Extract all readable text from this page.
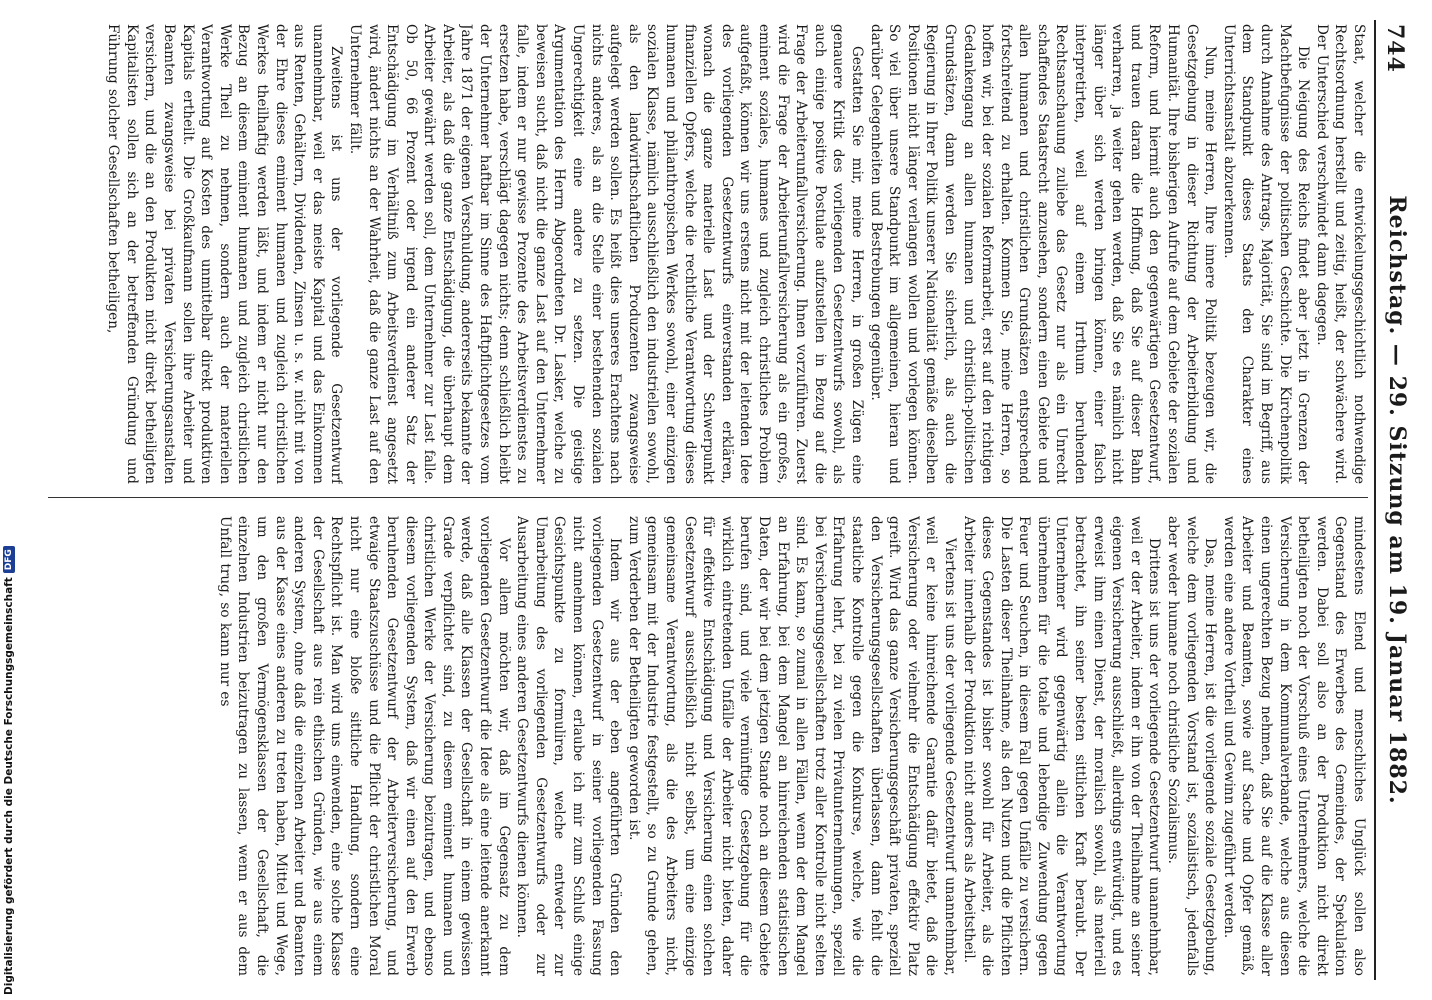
744
Reichstag. — 29. Sitzung am 19. Januar 1882.

Staat, welcher die entwickelungsgeschichtlich nothwendige Rechtsordnung herstellt und zeitig, heißt, der schwächere wird. Der Unterschied verschwindet dann dagegen.

Die Neigung des Reichs findet aber jetzt in Grenzen der Machtbefugnisse der politischen Geschichte. Die Kirchenpolitik durch Annahme des Antrags, Majorität, Sie sind im Begriff, aus dem Standpunkt dieses Staats den Charakter eines Unterrichtsanstalt abzuerkennen.

Nun, meine Herren, Ihre innere Politik bezeugen wir, die Gesetzgebung in dieser Richtung der Arbeiterbildung und Humanität. Ihre bisherigen Aufrufe auf dem Gebiete der sozialen Reform, und hiermit auch den gegenwärtigen Gesetzentwurf, und trauen daran die Hoffnung, daß Sie auf dieser Bahn verharren, ja weiter gehen werden, daß Sie es nämlich nicht länger über sich werden bringen können, einer falsch interpretirten, weil auf einem Irrthum beruhenden Rechtsanschauung zuliebe das Gesetz nur als ein Unrecht schaffendes Staatsrecht anzusehen, sondern einen Gebiete und allen humanen und christlichen Grundsätzen entsprechend fortschreitend zu erhalten. Kommen Sie, meine Herren, so hoffen wir, bei der sozialen Reformarbeit, erst auf den richtigen Gedankengang an allen humanen und christlich-politischen Grundsätzen, dann werden Sie sicherlich, als auch die Regierung in Ihrer Politik unserer Nationalität gemäße dieselben Positionen nicht länger verlangen wollen und vorlegen können. So viel über unsere Standpunkt im allgemeinen, hieran und darüber Gelegenheiten und Bestrebungen gegenüber.

Gestatten Sie mir, meine Herren, in großen Zügen eine genauere Kritik des vorliegenden Gesetzentwurfs sowohl, als auch einige positive Postulate aufzustellen in Bezug auf die Frage der Arbeiterunfallversicherung. Ihnen vorzuführen. Zuerst wird die Frage der Arbeiterunfallversicherung als ein großes, eminent soziales, humanes und zugleich christliches Problem aufgefaßt, können wir uns erstens nicht mit der leitenden Idee des vorliegenden Gesetzentwurfs einverstanden erklären, wonach die ganze materielle Last und der Schwerpunkt finanziellen Opfers, welche die rechtliche Verantwortung dieses humanen und philanthropischen Werkes sowohl, einer einzigen sozialen Klasse, nämlich ausschließlich den industriellen sowohl, als den landwirthschaftlichen Produzenten zwangsweise aufgelegt werden sollen. Es heißt dies unseres Erachtens nach nichts anderes, als an die Stelle einer bestehenden sozialen Ungerechtigkeit eine andere zu setzen. Die geistige Argumentation des Herrn Abgeordneten Dr. Lasker, welche zu beweisen sucht, daß nicht die ganze Last auf den Unternehmer falle, indem er nur gewisse Prozente des Arbeitsverdienstes zu ersetzen habe, verschlägt dagegen nichts; denn schließlich bleibt der Unternehmer haftbar im Sinne des Haftpflichtgesetzes vom Jahre 1871 der eigenen Verschuldung, andererseits bekannte der Arbeiter, als daß die ganze Entschädigung, die überhaupt dem Arbeiter gewährt werden soll, dem Unternehmer zur Last falle. Ob 50, 66 Prozent oder irgend ein anderer Satz der Entschädigung im Verhältniß zum Arbeitsverdienst angesetzt wird, ändert nichts an der Wahrheit, daß die ganze Last auf den Unternehmer fällt.

Zweitens ist uns der vorliegende Gesetzentwurf unannehmbar, weil er das meiste Kapital und das Einkommen aus Renten, Gehältern, Dividenden, Zinsen u. s. w. nicht mit von der Ehre dieses eminent humanen und zugleich christlichen Werkes theilhaftig werden läßt, und indem er nicht nur den Bezug an diesem eminent humanen und zugleich christlichen Werke Theil zu nehmen, sondern auch der materiellen Verantwortung auf Kosten des unmittelbar direkt produktiven Kapitals ertheilt. Die Großkaufmann sollen ihre Arbeiter und Beamten zwangsweise bei privaten Versicherungsanstalten versichern, und die an den Produkten nicht direkt betheiligten Kapitalisten sollen sich an der betreffenden Gründung und Führung solcher Gesellschaften betheiligen,

mindestens Elend und menschliches Unglück sollen also Gegenstand des Erwerbes des Gemeindes, der Spekulation werden. Dabei soll also an der Produktion nicht direkt betheiligten noch der Vorschuß eines Unternehmers, welche die Versicherung in dem Kommunalverbande, welche aus diesen einen ungerechten Bezug nehmen, daß Sie auf die Klasse aller Arbeiter und Beamten, sowie auf Sache und Opfer gemäß, werden eine andere Vortheil und Gewinn zugeführt werden.

Das, meine Herren, ist die vorliegende soziale Gesetzgebung, welche dem vorliegenden Vorstand ist, sozialistisch, jedenfalls aber weder humane noch christliche Sozialismus.

Drittens ist uns der vorliegende Gesetzentwurf unannehmbar, weil er der Arbeiter, indem er ihn von der Theilnahme an seiner eigenen Versicherung ausschließt, allerdings entwürdigt, und es erweist ihm einen Dienst, der moralisch sowohl, als materiell betrachtet, ihn seiner besten sittlichen Kraft beraubt. Der Unternehmer wird gegenwärtig allein die Verantwortung übernehmen für die totale und lebendige Zuwendung gegen Feuer und Seuchen, in diesem Fall gegen Unfälle zu versichern. Die Lasten dieser Theilnahme, als den Nutzen und die Pflichten dieses Gegenstandes ist bisher sowohl für Arbeiter, als die Arbeiter innerhalb der Produktion nicht anders als Arbeitstheil.

Viertens ist uns der vorliegende Gesetzentwurf unannehmbar, weil er keine hinreichende Garantie dafür bietet, daß die Versicherung oder vielmehr die Entschädigung effektiv Platz greift. Wird das ganze Versicherungsgeschäft privaten, speziell den Versicherungsgesellschaften überlassen, dann fehlt die staatliche Kontrolle gegen die Konkurse, welche, wie die Erfahrung lehrt, bei zu vielen Privatunternehmungen, speziell bei Versicherungsgesellschaften trotz aller Kontrolle nicht selten sind. Es kann, so zumal in allen Fällen, wenn der dem Mangel an Erfahrung, bei dem Mangel an hinreichenden statistischen Daten, der wir bei dem jetzigen Stande noch an diesem Gebiete berufen sind, und viele vernünftige Gesetzgebung für die wirklich eintretenden Unfälle der Arbeiter nicht bieten, daher für effektive Entschädigung und Versicherung einen solchen Gesetzentwurf ausschließlich nicht selbst, um eine einzige gemeinsame Verantwortung, als die des Arbeiters nicht, gemeinsam mit der Industrie festgestellt, so zu Grunde gehen, zum Verderben der Betheiligten geworden ist.

Indem wir aus der eben angeführten Gründen den vorliegenden Gesetzentwurf in seiner vorliegenden Fassung nicht annehmen können, erlaube ich mir zum Schluß einige Gesichtspunkte zu formuliren, welche entweder zur Umarbeitung des vorliegenden Gesetzentwurfs oder zur Ausarbeitung eines anderen Gesetzentwurfs dienen können.

Vor allem möchten wir, daß im Gegensatz zu dem vorliegenden Gesetzentwurf die Idee als eine leitende anerkannt werde, daß alle Klassen der Gesellschaft in einem gewissen Grade verpflichtet sind, zu diesem eminent humanen und christlichen Werke der Versicherung beizutragen, und ebenso diesem vorliegenden System, daß wir einen auf den Erwerb beruhenden Gesetzentwurf der Arbeiterversicherung, und etwaige Staatszuschüsse und die Pflicht der christlichen Moral nicht nur eine bloße sittliche Handlung, sondern eine Rechtspflicht ist. Man wird uns einwenden, eine solche Klasse der Gesellschaft aus rein ethischen Gründen, wie aus einem anderen System, ohne daß die einzelnen Arbeiter und Beamten aus der Kasse eines anderen zu treten haben, Mittel und Wege, um den großen Vermögensklassen der Gesellschaft, die einzelnen Industrien beizutragen zu lassen, wenn er aus dem Unfall trug, so kann nur es

Digitalisierung gefördert durch die Deutsche Forschungsgemeinschaft
DFG
